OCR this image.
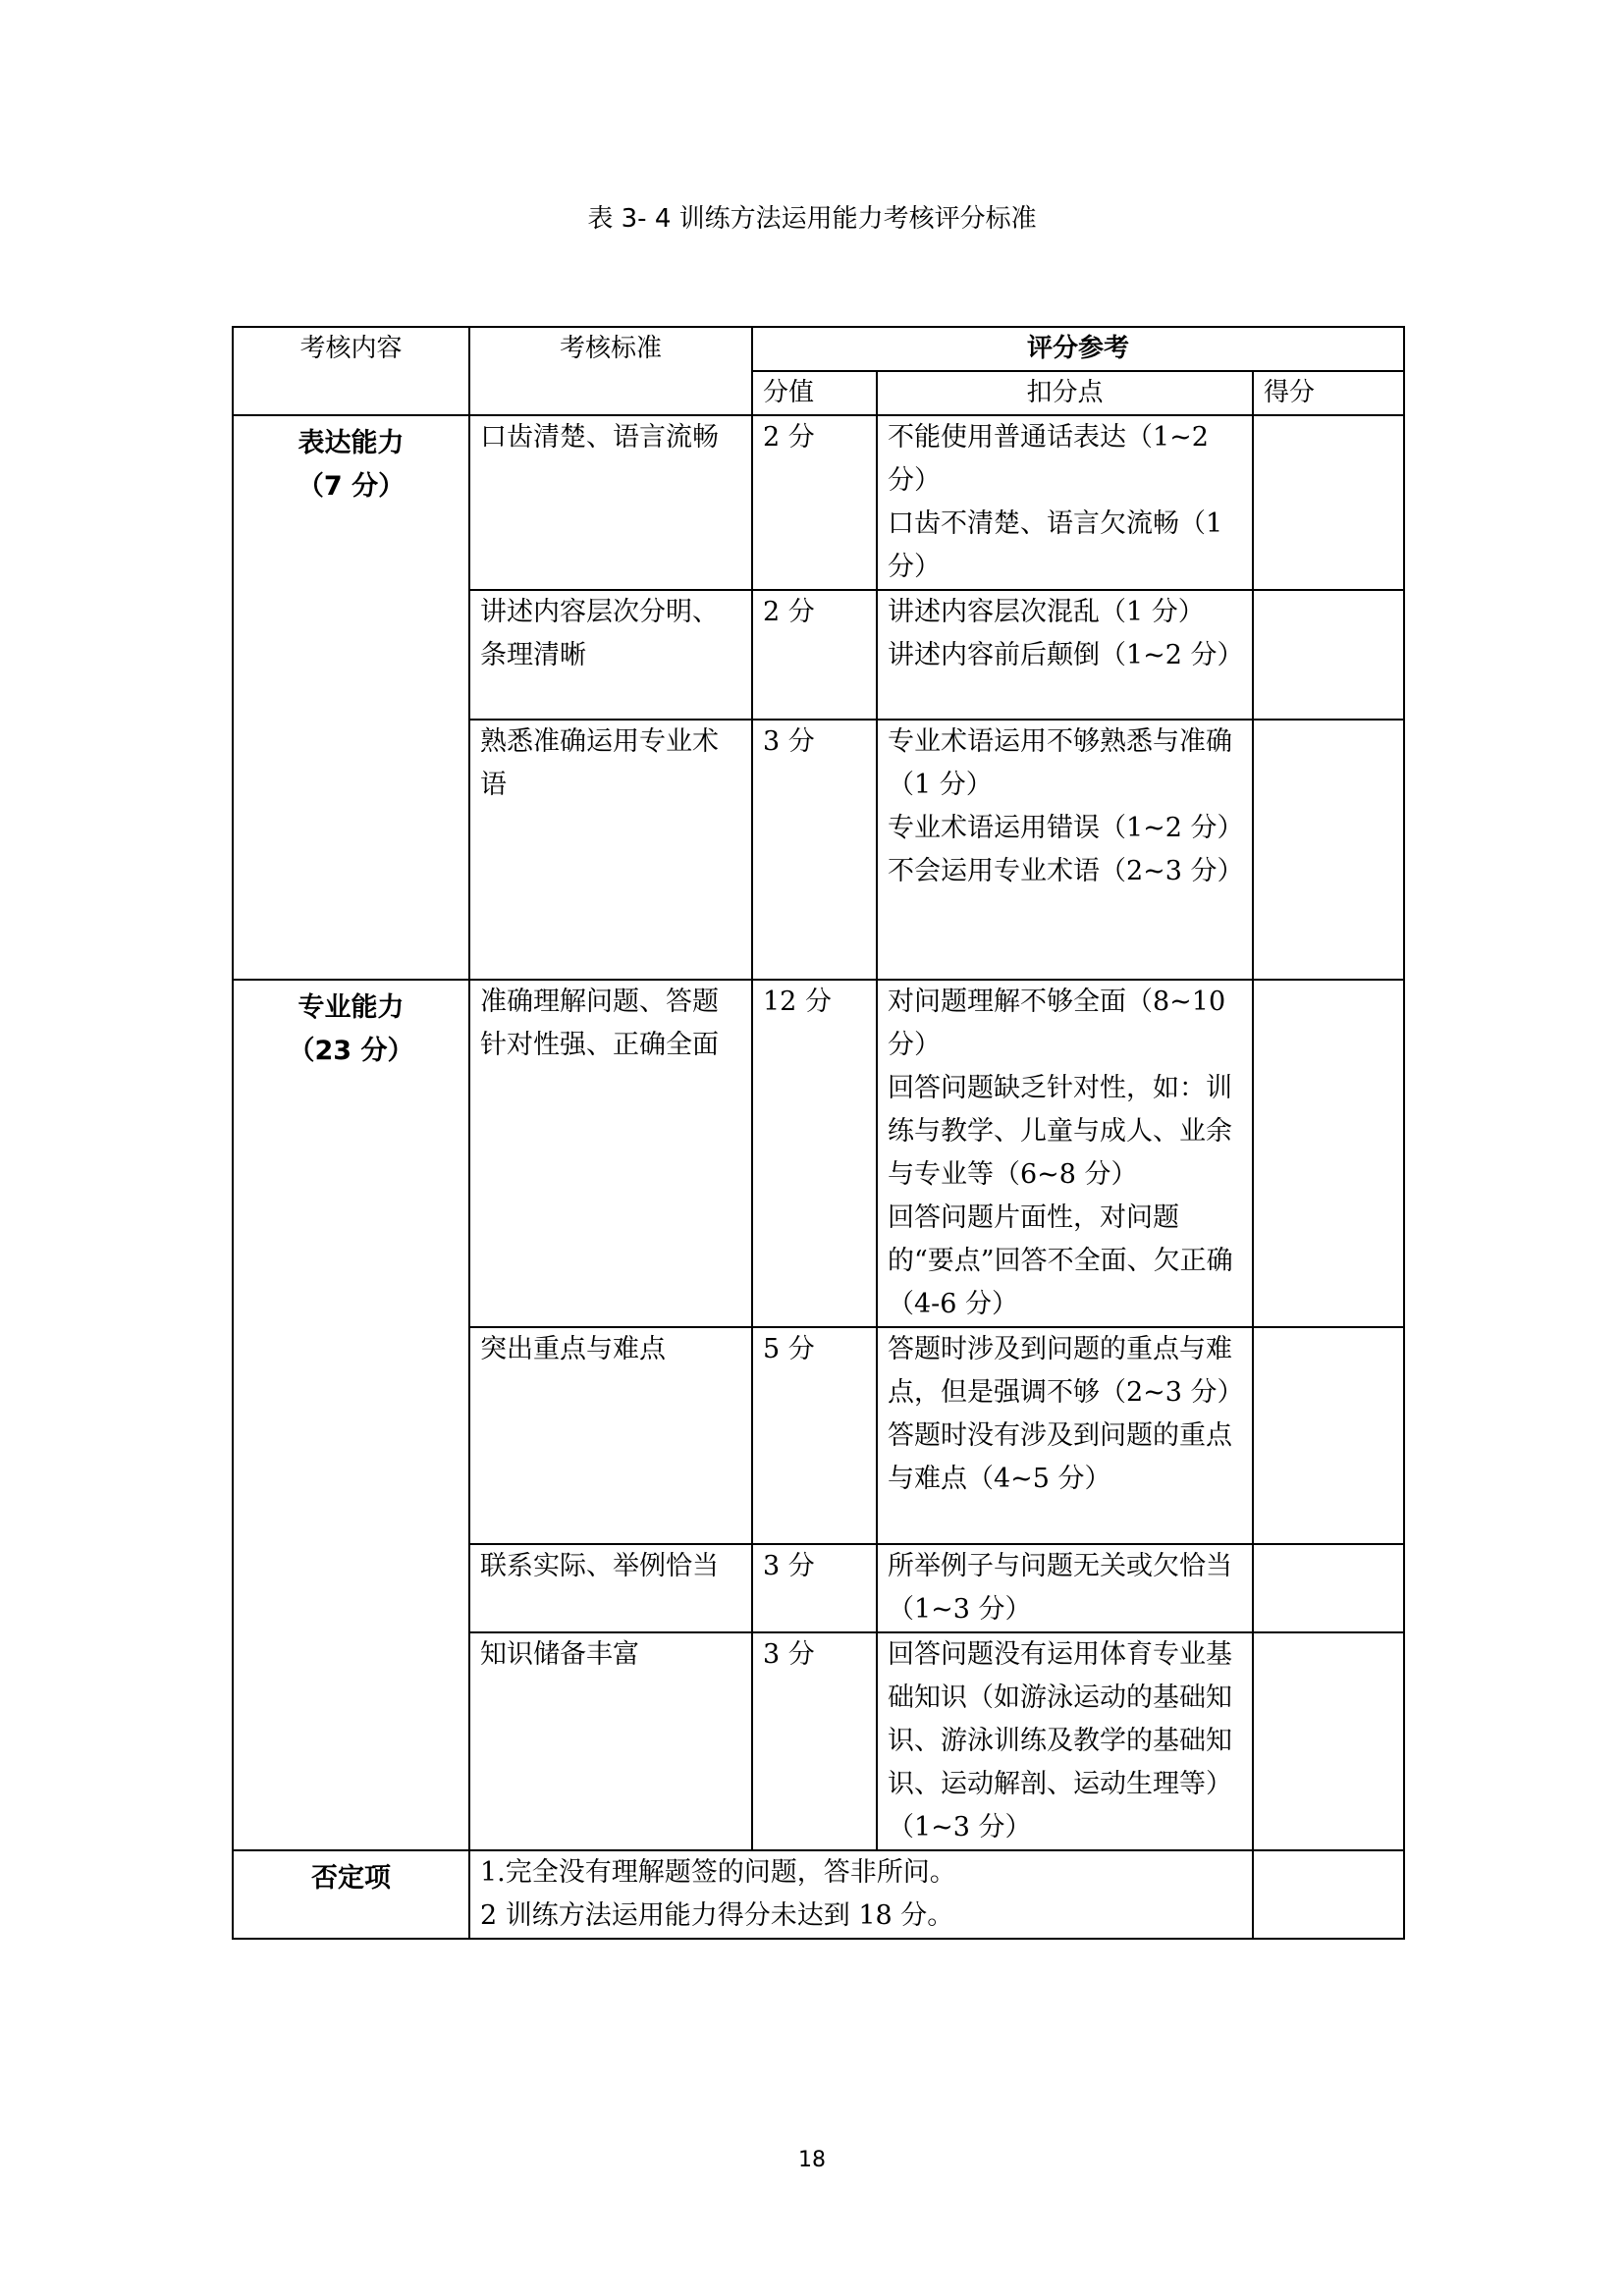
表 3- 4 训练方法运用能力考核评分标准
考核内容	考核标准	评分参考		
		分值	扣分点	得分

表达能力
（7 分）	口齿清楚、语言流畅	2 分	不能使用普通话表达（1~2 分）
口齿不清楚、语言欠流畅（1 分）	

	讲述内容层次分明、条理清晰	2 分	讲述内容层次混乱（1 分）
讲述内容前后颠倒（1~2 分）	

	熟悉准确运用专业术语	3 分	专业术语运用不够熟悉与准确（1 分）
专业术语运用错误（1~2 分）
不会运用专业术语（2~3 分）	

专业能力
（23 分）	准确理解问题、答题针对性强、正确全面	12 分	对问题理解不够全面（8~10 分）
回答问题缺乏针对性，如：训练与教学、儿童与成人、业余与专业等（6~8 分）
回答问题片面性，对问题的“要点”回答不全面、欠正确（4-6 分）	

	突出重点与难点	5 分	答题时涉及到问题的重点与难点，但是强调不够（2~3 分）
答题时没有涉及到问题的重点与难点（4~5 分）	

	联系实际、举例恰当	3 分	所举例子与问题无关或欠恰当（1~3 分）	

	知识储备丰富	3 分	回答问题没有运用体育专业基础知识（如游泳运动的基础知识、游泳训练及教学的基础知识、运动解剖、运动生理等）（1~3 分）	

否定项	1.完全没有理解题签的问题，答非所问。
2 训练方法运用能力得分未达到 18 分。			

18
